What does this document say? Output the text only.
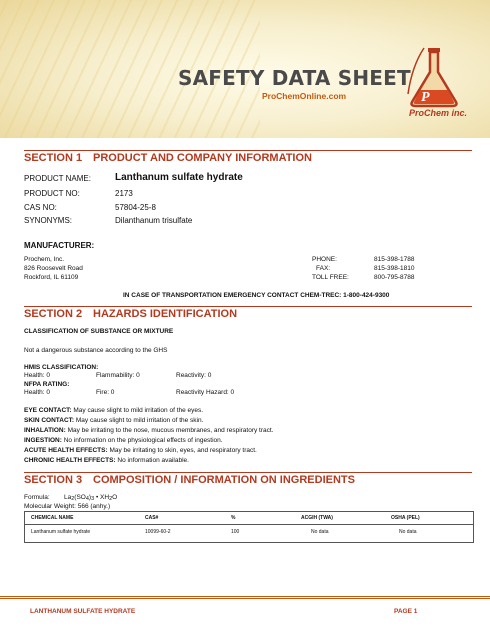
SAFETY DATA SHEET
ProChemOnline.com	P
ProChem inc.
SECTION 1 PRODUCT AND COMPANY INFORMATION
PRODUCT NAME: Lanthanum sulfate hydrate
PRODUCT NO:	2173
CAS NO:	57804-25-8
SYNONYMS:	Dilanthanum trisulfate
MANUFACTURER:
Prochem, Inc.
826 Roosevelt Road
Rockford, IL 61109
PHONE:	815-398-1788
FAX:	815-398-1810
TOLL FREE:	800-795-8788
IN CASE OF TRANSPORTATION EMERGENCY CONTACT CHEM-TREC: 1-800-424-9300
SECTION 2 HAZARDS IDENTIFICATION
CLASSIFICATION OF SUBSTANCE OR MIXTURE
Not a dangerous substance according to the GHS
HMIS CLASSIFICATION:
Health: 0	Flammability: 0	Reactivity: 0
NFPA RATING:
Health: 0	Fire: 0	Reactivity Hazard: 0
EYE CONTACT: May cause slight to mild irritation of the eyes.
SKIN CONTACT: May cause slight to mild irritation of the skin.
INHALATION: May be irritating to the nose, mucous membranes, and respiratory tract.
INGESTION: No information on the physiological effects of ingestion.
ACUTE HEALTH EFFECTS: May be irritating to skin, eyes, and respiratory tract.
CHRONIC HEALTH EFFECTS: No information available.
SECTION 3 COMPOSITION / INFORMATION ON INGREDIENTS
Formula: $La_2(SO_4)_3$ • $XH_2O$
Molecular Weight: 566 (anhy.)
CHEMICAL NAME	CAS#	%	ACGIH (TWA)	OSHA (PEL)
Lanthanum sulfate hydrate	10099-60-2	100	No data	No data
LANTHANUM SULFATE HYDRATE	PAGE 1
